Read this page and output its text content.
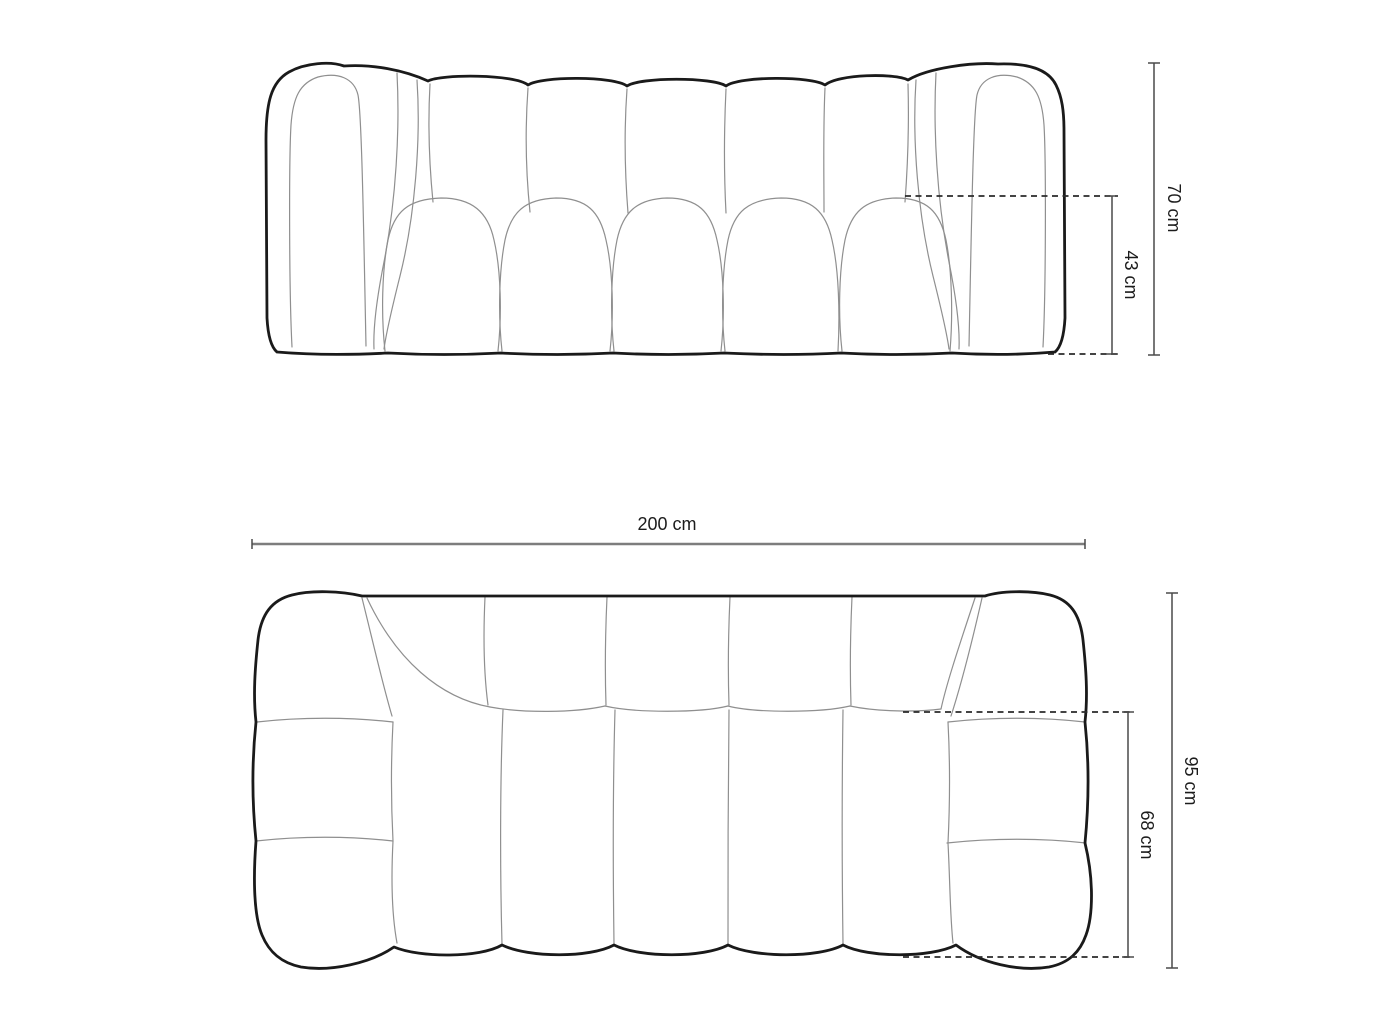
70 cm
43 cm
200 cm
95 cm
68 cm
